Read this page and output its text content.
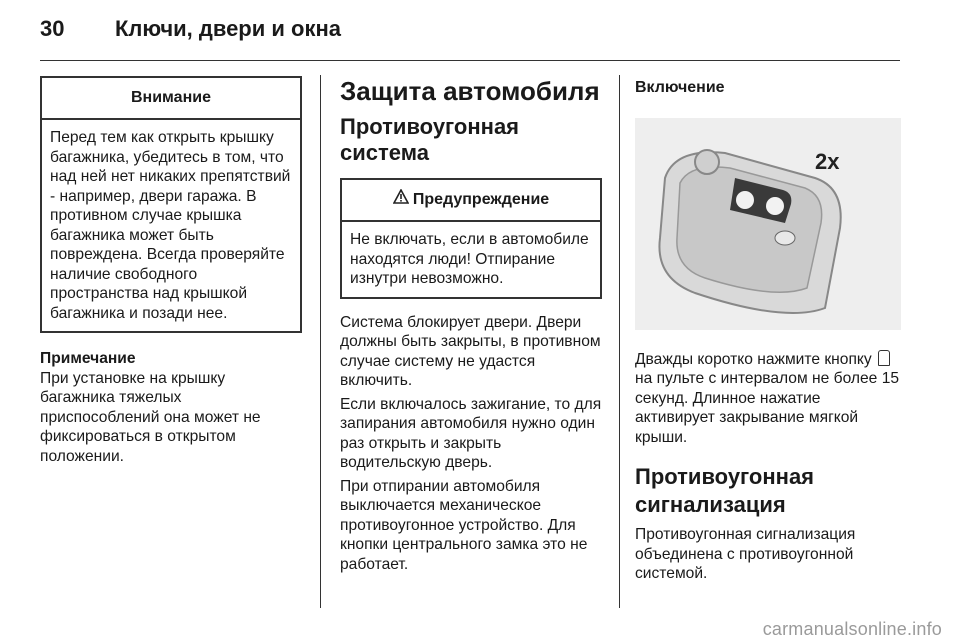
30 Ключи, двери и окна
Внимание

Перед тем как открыть крышку багажника, убедитесь в том, что над ней нет никаких препятствий - например, двери гаража. В противном случае крышка багажника может быть повреждена. Всегда проверяйте наличие свободного пространства над крышкой багажника и позади нее.

Примечание

При установке на крышку багажника тяжелых приспособлений она может не фиксироваться в открытом положении.

Защита автомобиля
Противоугонная система
Предупреждение

Не включать, если в автомобиле находятся люди! Отпирание изнутри невозможно.

Система блокирует двери. Двери должны быть закрыты, в противном случае систему не удастся включить.

Если включалось зажигание, то для запирания автомобиля нужно один раз открыть и закрыть водительскую дверь.

При отпирании автомобиля выключается механическое противоугонное устройство. Для кнопки центрального замка это не работает.

Включение

2x

Дважды коротко нажмите кнопку  на пульте с интервалом не более 15 секунд. Длинное нажатие активирует закрывание мягкой крыши.

Противоугонная сигнализация

Противоугонная сигнализация объединена с противоугонной системой.

carmanualsonline.info
